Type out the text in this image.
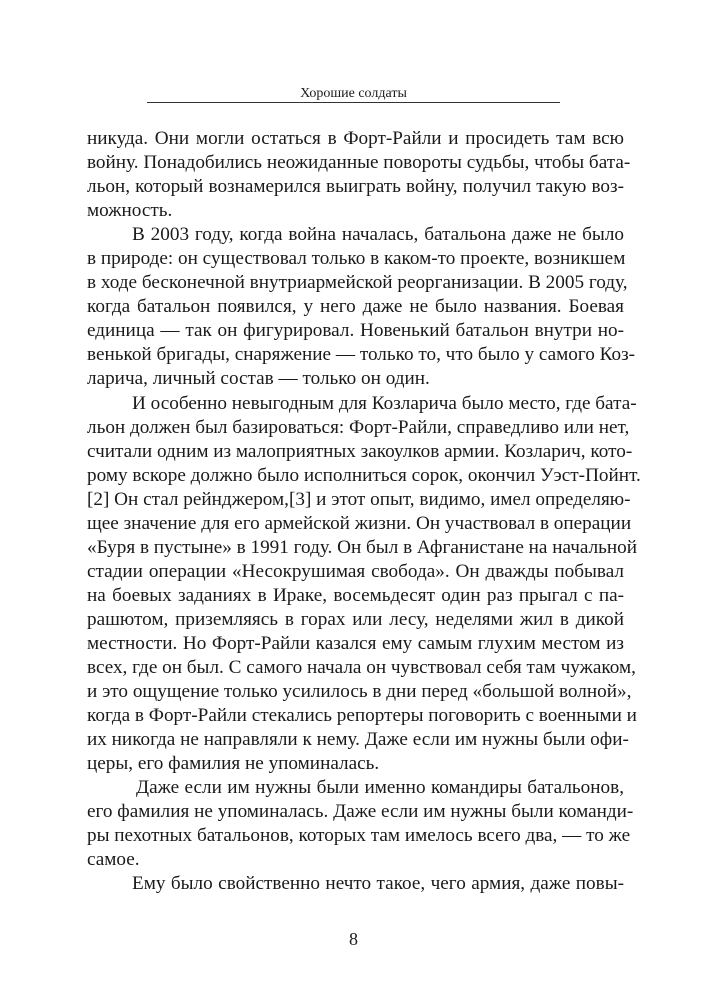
Хорошие солдаты
никуда. Они могли остаться в Форт-Райли и просидеть там всю
войну. Понадобились неожиданные повороты судьбы, чтобы бата-
льон, который вознамерился выиграть войну, получил такую воз-
можность.
В 2003 году, когда война началась, батальона даже не было
в природе: он существовал только в каком-то проекте, возникшем
в ходе бесконечной внутриармейской реорганизации. В 2005 году,
когда батальон появился, у него даже не было названия. Боевая
единица — так он фигурировал. Новенький батальон внутри но-
венькой бригады, снаряжение — только то, что было у самого Коз-
ларича, личный состав — только он один.
И особенно невыгодным для Козларича было место, где бата-
льон должен был базироваться: Форт-Райли, справедливо или нет,
считали одним из малоприятных закоулков армии. Козларич, кото-
рому вскоре должно было исполниться сорок, окончил Уэст-Пойнт.
[2] Он стал рейнджером,[3] и этот опыт, видимо, имел определяю-
щее значение для его армейской жизни. Он участвовал в операции
«Буря в пустыне» в 1991 году. Он был в Афганистане на начальной
стадии операции «Несокрушимая свобода». Он дважды побывал
на боевых заданиях в Ираке, восемьдесят один раз прыгал с па-
рашютом, приземляясь в горах или лесу, неделями жил в дикой
местности. Но Форт-Райли казался ему самым глухим местом из
всех, где он был. С самого начала он чувствовал себя там чужаком,
и это ощущение только усилилось в дни перед «большой волной»,
когда в Форт-Райли стекались репортеры поговорить с военными и
их никогда не направляли к нему. Даже если им нужны были офи-
церы, его фамилия не упоминалась.
Даже если им нужны были именно командиры батальонов,
его фамилия не упоминалась. Даже если им нужны были команди-
ры пехотных батальонов, которых там имелось всего два, — то же
самое.
Ему было свойственно нечто такое, чего армия, даже повы-
8
